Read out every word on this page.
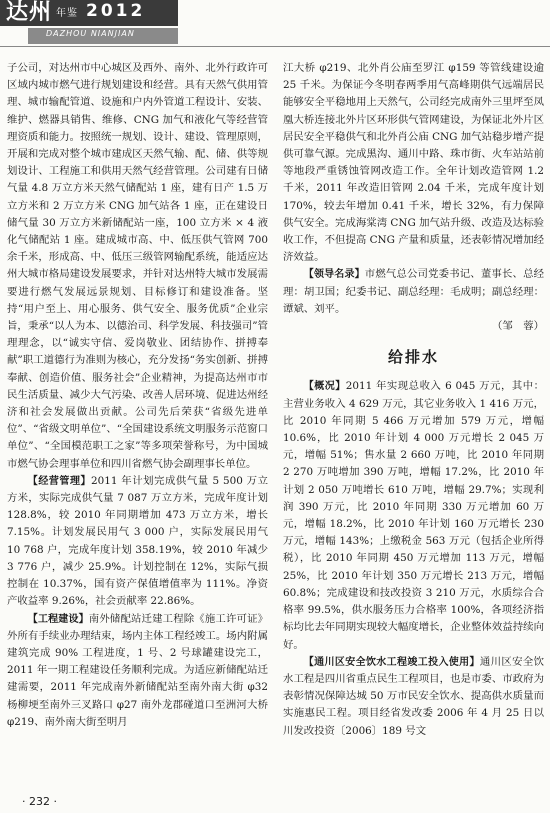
达州 年鉴 2012
DAZHOU NIANJIAN

子公司，对达州市中心城区及西外、南外、北外行政许可区域内城市燃气进行规划建设和经营。具有天然气供用管理、城市输配管道、设施和户内外管道工程设计、安装、维护、燃器具销售、维修、CNG 加气和液化气等经营管理资质和能力。按照统一规划、设计、建设、管理原则，开展和完成对整个城市建成区天然气输、配、储、供等规划设计、工程施工和供用天然气经营管理。公司建有日储气量 4.8 万立方米天然气储配站 1 座，建有日产 1.5 万立方米和 2 万立方米 CNG 加气站各 1 座，正在建设日储气量 30 万立方米新储配站一座，100 立方米 × 4 液化气储配站 1 座。建成城市高、中、低压供气管网 700 余千米，形成高、中、低压三级管网输配系统，能适应达州大城市格局建设发展要求，并针对达州特大城市发展需要进行燃气发展远景规划、目标修订和建设准备。坚持“用户至上、用心服务、供气安全、服务优质”企业宗旨，秉承“以人为本、以德治司、科学发展、科技强司”管理理念，以“诚实守信、爱岗敬业、团结协作、拼搏奉献”职工道德行为准则为核心，充分发扬“务实创新、拼搏奉献、创造价值、服务社会”企业精神，为提高达州市市民生活质量、减少大气污染、改善人居环境、促进达州经济和社会发展做出贡献。公司先后荣获“省级先进单位”、“省级文明单位”、“全国建设系统文明服务示范窗口单位”、“全国模范职工之家”等多项荣誉称号，为中国城市燃气协会理事单位和四川省燃气协会副理事长单位。

【经营管理】2011 年计划完成供气量 5 500 万立方米，实际完成供气量 7 087 万立方米，完成年度计划 128.8%，较 2010 年同期增加 473 万立方米，增长 7.15%。计划发展民用气 3 000 户，实际发展民用气 10 768 户，完成年度计划 358.19%，较 2010 年减少 3 776 户，减少 25.9%。计划控制在 12%，实际气损控制在 10.37%，国有资产保值增值率为 111%。净资产收益率 9.26%，社会贡献率 22.86%。

【工程建设】南外储配站迁建工程除《施工许可证》外所有手续业办理结束，场内主体工程经竣工。场内附属建筑完成 90% 工程进度，1 号、2 号球罐建设完工，2011 年一期工程建设任务顺利完成。为适应新储配站迁建需要，2011 年完成南外新储配站至南外南大街 φ32 杨柳埂至南外三叉路口 φ27 南外龙郡碰道口至洲河大桥 φ219、南外南大街至明月

江大桥 φ219、北外肖公庙至罗江 φ159 等管线建设逾 25 千米。为保证今冬明春两季用气高峰期供气远端居民能够安全平稳地用上天然气，公司经完成南外三里坪至凤凰大桥连接北外片区环形供气管网建设，为保证北外片区居民安全平稳供气和北外肖公庙 CNG 加气站稳步增产提供可靠气源。完成黑沟、通川中路、珠市街、火车站站前等地段严重锈蚀管网改造工作。全年计划改造管网 1.2 千米，2011 年改造旧管网 2.04 千米，完成年度计划 170%，较去年增加 0.41 千米，增长 32%，有力保障供气安全。完成海棠湾 CNG 加气站升级、改造及达标验收工作，不但提高 CNG 产量和质量，还表彰情况增加经济效益。

【领导名录】市燃气总公司党委书记、董事长、总经理：胡卫国；纪委书记、副总经理：毛成明；副总经理：谭斌、刘平。

（邹　蓉）

给排水

【概况】2011 年实现总收入 6 045 万元，其中：主营业务收入 4 629 万元，其它业务收入 1 416 万元，比 2010 年同期 5 466 万元增加 579 万元，增幅 10.6%，比 2010 年计划 4 000 万元增长 2 045 万元，增幅 51%；售水量 2 660 万吨，比 2010 年同期 2 270 万吨增加 390 万吨，增幅 17.2%，比 2010 年计划 2 050 万吨增长 610 万吨，增幅 29.7%；实现利润 390 万元，比 2010 年同期 330 万元增加 60 万元，增幅 18.2%，比 2010 年计划 160 万元增长 230 万元，增幅 143%；上缴税金 563 万元（包括企业所得税），比 2010 年同期 450 万元增加 113 万元，增幅 25%，比 2010 年计划 350 万元增长 213 万元，增幅 60.8%；完成建设和技改投资 3 210 万元，水质综合合格率 99.5%，供水服务压力合格率 100%，各项经济指标均比去年同期实现较大幅度增长，企业整体效益持续向好。

【通川区安全饮水工程竣工投入使用】通川区安全饮水工程是四川省重点民生工程项目，也是市委、市政府为表彰情况保障达城 50 万市民安全饮水、提高供水质量而实施惠民工程。项目经省发改委 2006 年 4 月 25 日以川发改投资〔2006〕189 号文

· 232 ·
